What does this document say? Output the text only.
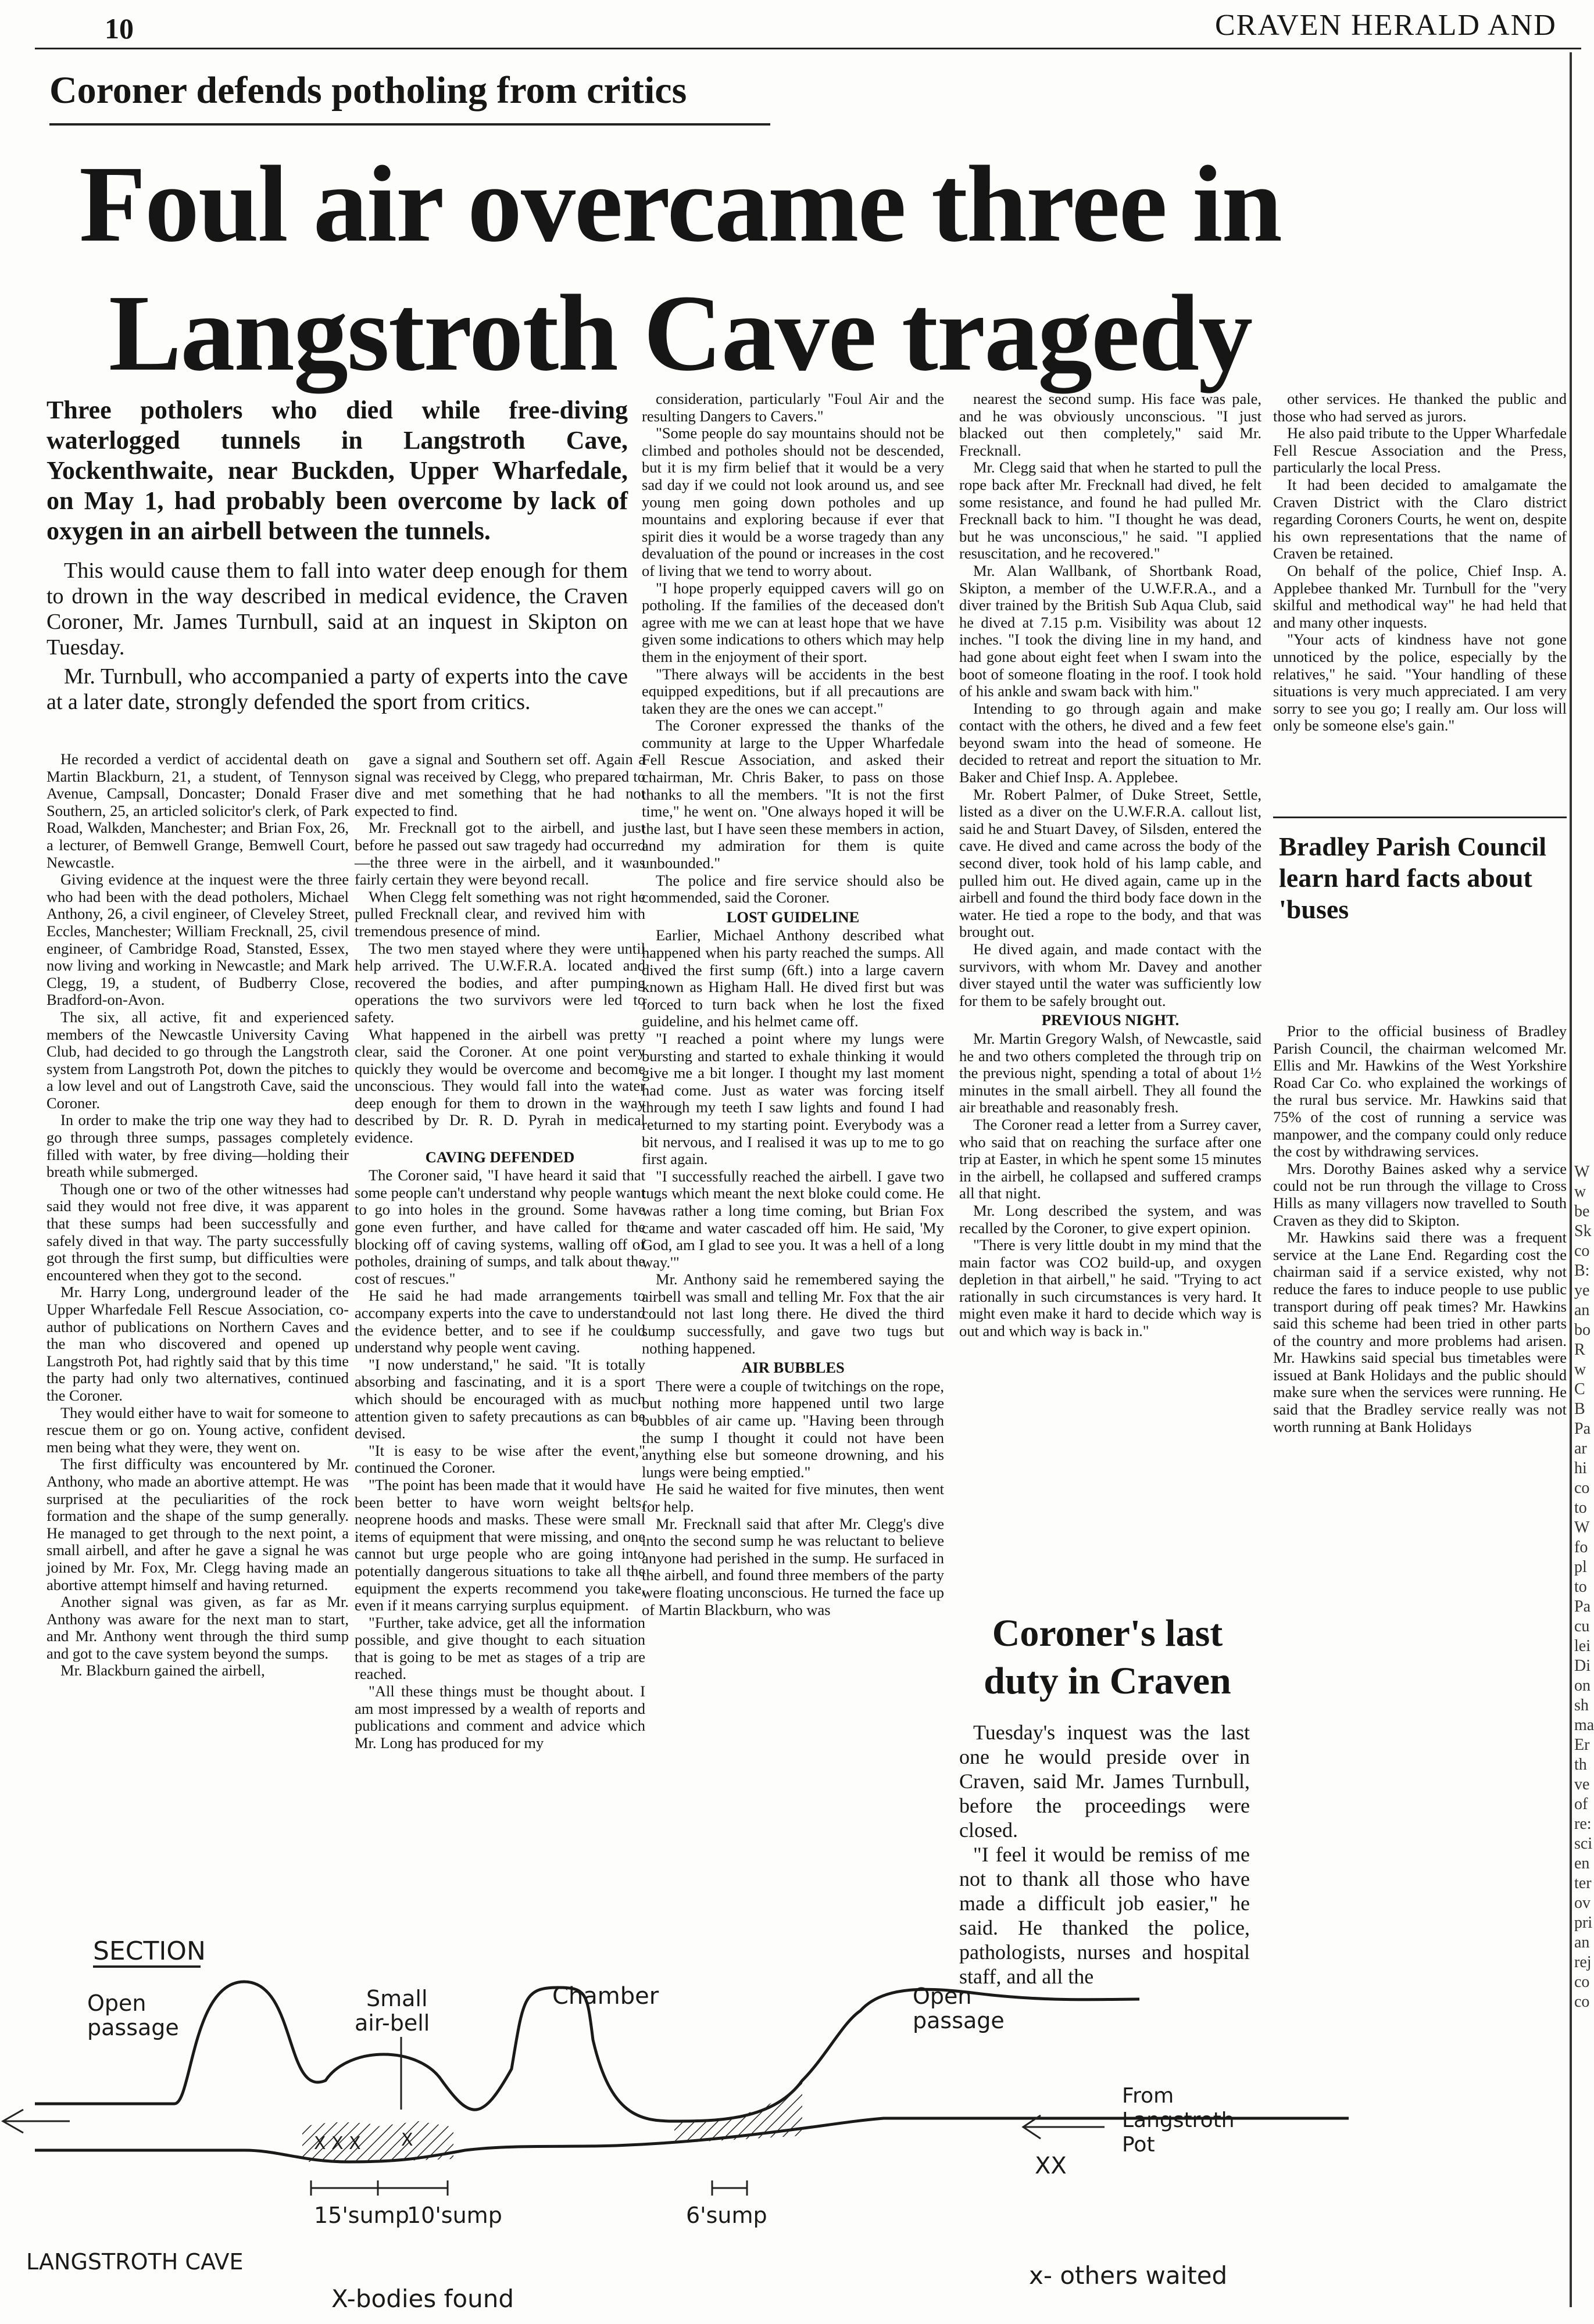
10	CRAVEN HERALD AND
W w be Sk co B: ye an bo R w C B Pa ar hi co to W fo pl to Pa cu lei Di on sh ma Er th ve of re: sci en ter ov pri an rej co co
Coroner defends potholing from critics
Foul air overcame three in
Langstroth Cave tragedy
Three potholers who died while free-diving waterlogged tunnels in Langstroth Cave, Yockenthwaite, near Buckden, Upper Wharfedale, on May 1, had probably been overcome by lack of oxygen in an airbell between the tunnels.

This would cause them to fall into water deep enough for them to drown in the way described in medical evidence, the Craven Coroner, Mr. James Turnbull, said at an inquest in Skipton on Tuesday.

Mr. Turnbull, who accompanied a party of experts into the cave at a later date, strongly defended the sport from critics.

He recorded a verdict of accidental death on Martin Blackburn, 21, a student, of Tennyson Avenue, Campsall, Doncaster; Donald Fraser Southern, 25, an articled solicitor's clerk, of Park Road, Walkden, Manchester; and Brian Fox, 26, a lecturer, of Bemwell Grange, Bemwell Court, Newcastle.

Giving evidence at the inquest were the three who had been with the dead potholers, Michael Anthony, 26, a civil engineer, of Cleveley Street, Eccles, Manchester; William Frecknall, 25, civil engineer, of Cambridge Road, Stansted, Essex, now living and working in Newcastle; and Mark Clegg, 19, a student, of Budberry Close, Bradford-on-Avon.

The six, all active, fit and experienced members of the Newcastle University Caving Club, had decided to go through the Langstroth system from Langstroth Pot, down the pitches to a low level and out of Langstroth Cave, said the Coroner.

In order to make the trip one way they had to go through three sumps, passages completely filled with water, by free diving—holding their breath while submerged.

Though one or two of the other witnesses had said they would not free dive, it was apparent that these sumps had been successfully and safely dived in that way. The party successfully got through the first sump, but difficulties were encountered when they got to the second.

Mr. Harry Long, underground leader of the Upper Wharfedale Fell Rescue Association, co-author of publications on Northern Caves and the man who discovered and opened up Langstroth Pot, had rightly said that by this time the party had only two alternatives, continued the Coroner.

They would either have to wait for someone to rescue them or go on. Young active, confident men being what they were, they went on.

The first difficulty was encountered by Mr. Anthony, who made an abortive attempt. He was surprised at the peculiarities of the rock formation and the shape of the sump generally. He managed to get through to the next point, a small airbell, and after he gave a signal he was joined by Mr. Fox, Mr. Clegg having made an abortive attempt himself and having returned.

Another signal was given, as far as Mr. Anthony was aware for the next man to start, and Mr. Anthony went through the third sump and got to the cave system beyond the sumps.

Mr. Blackburn gained the airbell,

gave a signal and Southern set off. Again a signal was received by Clegg, who prepared to dive and met something that he had not expected to find.

Mr. Frecknall got to the airbell, and just before he passed out saw tragedy had occurred—the three were in the airbell, and it was fairly certain they were beyond recall.

When Clegg felt something was not right he pulled Frecknall clear, and revived him with tremendous presence of mind.

The two men stayed where they were until help arrived. The U.W.F.R.A. located and recovered the bodies, and after pumping operations the two survivors were led to safety.

What happened in the airbell was pretty clear, said the Coroner. At one point very quickly they would be overcome and become unconscious. They would fall into the water deep enough for them to drown in the way described by Dr. R. D. Pyrah in medical evidence.

CAVING DEFENDED

The Coroner said, "I have heard it said that some people can't understand why people want to go into holes in the ground. Some have gone even further, and have called for the blocking off of caving systems, walling off of potholes, draining of sumps, and talk about the cost of rescues."

He said he had made arrangements to accompany experts into the cave to understand the evidence better, and to see if he could understand why people went caving.

"I now understand," he said. "It is totally absorbing and fascinating, and it is a sport which should be encouraged with as much attention given to safety precautions as can be devised.

"It is easy to be wise after the event," continued the Coroner.

"The point has been made that it would have been better to have worn weight belts, neoprene hoods and masks. These were small items of equipment that were missing, and one cannot but urge people who are going into potentially dangerous situations to take all the equipment the experts recommend you take, even if it means carrying surplus equipment.

"Further, take advice, get all the information possible, and give thought to each situation that is going to be met as stages of a trip are reached.

"All these things must be thought about. I am most impressed by a wealth of reports and publications and comment and advice which Mr. Long has produced for my

consideration, particularly "Foul Air and the resulting Dangers to Cavers."

"Some people do say mountains should not be climbed and potholes should not be descended, but it is my firm belief that it would be a very sad day if we could not look around us, and see young men going down potholes and up mountains and exploring because if ever that spirit dies it would be a worse tragedy than any devaluation of the pound or increases in the cost of living that we tend to worry about.

"I hope properly equipped cavers will go on potholing. If the families of the deceased don't agree with me we can at least hope that we have given some indications to others which may help them in the enjoyment of their sport.

"There always will be accidents in the best equipped expeditions, but if all precautions are taken they are the ones we can accept."

The Coroner expressed the thanks of the community at large to the Upper Wharfedale Fell Rescue Association, and asked their chairman, Mr. Chris Baker, to pass on those thanks to all the members. "It is not the first time," he went on. "One always hoped it will be the last, but I have seen these members in action, and my admiration for them is quite unbounded."

The police and fire service should also be commended, said the Coroner.

LOST GUIDELINE

Earlier, Michael Anthony described what happened when his party reached the sumps. All dived the first sump (6ft.) into a large cavern known as Higham Hall. He dived first but was forced to turn back when he lost the fixed guideline, and his helmet came off.

"I reached a point where my lungs were bursting and started to exhale thinking it would give me a bit longer. I thought my last moment had come. Just as water was forcing itself through my teeth I saw lights and found I had returned to my starting point. Everybody was a bit nervous, and I realised it was up to me to go first again.

"I successfully reached the airbell. I gave two tugs which meant the next bloke could come. He was rather a long time coming, but Brian Fox came and water cascaded off him. He said, 'My God, am I glad to see you. It was a hell of a long way.'"

Mr. Anthony said he remembered saying the airbell was small and telling Mr. Fox that the air could not last long there. He dived the third sump successfully, and gave two tugs but nothing happened.

AIR BUBBLES

There were a couple of twitchings on the rope, but nothing more happened until two large bubbles of air came up. "Having been through the sump I thought it could not have been anything else but someone drowning, and his lungs were being emptied."

He said he waited for five minutes, then went for help.

Mr. Frecknall said that after Mr. Clegg's dive into the second sump he was reluctant to believe anyone had perished in the sump. He surfaced in the airbell, and found three members of the party were floating unconscious. He turned the face up of Martin Blackburn, who was

nearest the second sump. His face was pale, and he was obviously unconscious. "I just blacked out then completely," said Mr. Frecknall.

Mr. Clegg said that when he started to pull the rope back after Mr. Frecknall had dived, he felt some resistance, and found he had pulled Mr. Frecknall back to him. "I thought he was dead, but he was unconscious," he said. "I applied resuscitation, and he recovered."

Mr. Alan Wallbank, of Shortbank Road, Skipton, a member of the U.W.F.R.A., and a diver trained by the British Sub Aqua Club, said he dived at 7.15 p.m. Visibility was about 12 inches. "I took the diving line in my hand, and had gone about eight feet when I swam into the boot of someone floating in the roof. I took hold of his ankle and swam back with him."

Intending to go through again and make contact with the others, he dived and a few feet beyond swam into the head of someone. He decided to retreat and report the situation to Mr. Baker and Chief Insp. A. Applebee.

Mr. Robert Palmer, of Duke Street, Settle, listed as a diver on the U.W.F.R.A. callout list, said he and Stuart Davey, of Silsden, entered the cave. He dived and came across the body of the second diver, took hold of his lamp cable, and pulled him out. He dived again, came up in the airbell and found the third body face down in the water. He tied a rope to the body, and that was brought out.

He dived again, and made contact with the survivors, with whom Mr. Davey and another diver stayed until the water was sufficiently low for them to be safely brought out.

PREVIOUS NIGHT.

Mr. Martin Gregory Walsh, of Newcastle, said he and two others completed the through trip on the previous night, spending a total of about 1½ minutes in the small airbell. They all found the air breathable and reasonably fresh.

The Coroner read a letter from a Surrey caver, who said that on reaching the surface after one trip at Easter, in which he spent some 15 minutes in the airbell, he collapsed and suffered cramps all that night.

Mr. Long described the system, and was recalled by the Coroner, to give expert opinion.

"There is very little doubt in my mind that the main factor was CO2 build-up, and oxygen depletion in that airbell," he said. "Trying to act rationally in such circumstances is very hard. It might even make it hard to decide which way is out and which way is back in."

other services. He thanked the public and those who had served as jurors.

He also paid tribute to the Upper Wharfedale Fell Rescue Association and the Press, particularly the local Press.

It had been decided to amalgamate the Craven District with the Claro district regarding Coroners Courts, he went on, despite his own representations that the name of Craven be retained.

On behalf of the police, Chief Insp. A. Applebee thanked Mr. Turnbull for the "very skilful and methodical way" he had held that and many other inquests.

"Your acts of kindness have not gone unnoticed by the police, especially by the relatives," he said. "Your handling of these situations is very much appreciated. I am very sorry to see you go; I really am. Our loss will only be someone else's gain."

Bradley Parish Council learn hard facts about 'buses

Prior to the official business of Bradley Parish Council, the chairman welcomed Mr. Ellis and Mr. Hawkins of the West Yorkshire Road Car Co. who explained the workings of the rural bus service. Mr. Hawkins said that 75% of the cost of running a service was manpower, and the company could only reduce the cost by withdrawing services.

Mrs. Dorothy Baines asked why a service could not be run through the village to Cross Hills as many villagers now travelled to South Craven as they did to Skipton.

Mr. Hawkins said there was a frequent service at the Lane End. Regarding cost the chairman said if a service existed, why not reduce the fares to induce people to use public transport during off peak times? Mr. Hawkins said this scheme had been tried in other parts of the country and more problems had arisen. Mr. Hawkins said special bus timetables were issued at Bank Holidays and the public should make sure when the services were running. He said that the Bradley service really was not worth running at Bank Holidays

Coroner's last duty in Craven

Tuesday's inquest was the last one he would preside over in Craven, said Mr. James Turnbull, before the proceedings were closed.

"I feel it would be remiss of me not to thank all those who have made a difficult job easier," he said. He thanked the police, pathologists, nurses and hospital staff, and all the

SECTION
X X X X
Open
passage
Small
air-bell
Chamber	Open
passage
From
Langstroth
Pot
XX
15'sump
10'sump	6'sump
LANGSTROTH CAVE
X-bodies found
x- others waited
